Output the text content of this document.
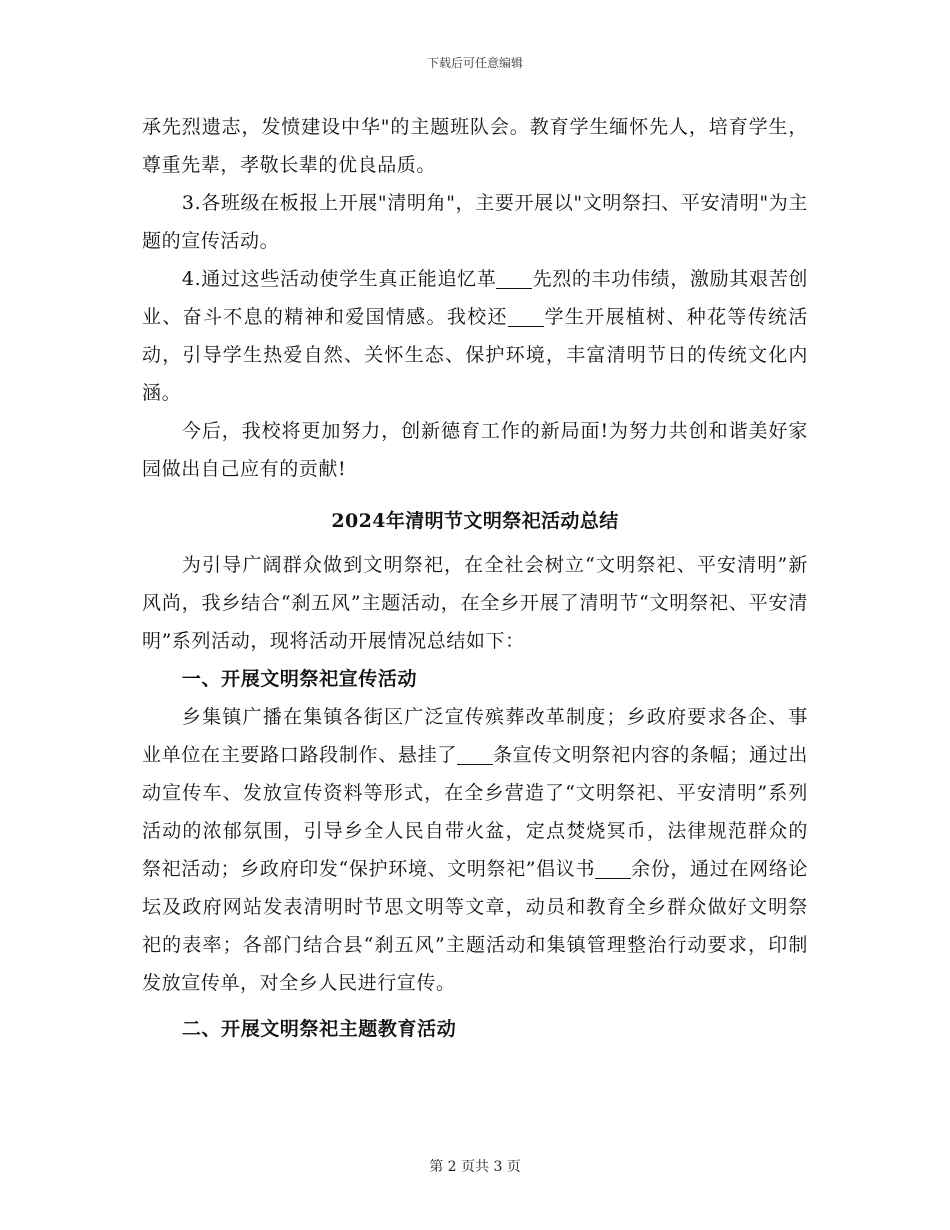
下载后可任意编辑

承先烈遗志，发愤建设中华"的主题班队会。教育学生缅怀先人，培育学生，尊重先辈，孝敬长辈的优良品质。

3.各班级在板报上开展"清明角"，主要开展以"文明祭扫、平安清明"为主题的宣传活动。

4.通过这些活动使学生真正能追忆革 先烈的丰功伟绩，激励其艰苦创业、奋斗不息的精神和爱国情感。我校还 学生开展植树、种花等传统活动，引导学生热爱自然、关怀生态、保护环境，丰富清明节日的传统文化内涵。

今后，我校将更加努力，创新德育工作的新局面!为努力共创和谐美好家园做出自己应有的贡献!

2024年清明节文明祭祀活动总结

为引导广阔群众做到文明祭祀，在全社会树立“文明祭祀、平安清明”新风尚，我乡结合“刹五风”主题活动，在全乡开展了清明节“文明祭祀、平安清明”系列活动，现将活动开展情况总结如下：

一、开展文明祭祀宣传活动

乡集镇广播在集镇各街区广泛宣传殡葬改革制度；乡政府要求各企、事业单位在主要路口路段制作、悬挂了 条宣传文明祭祀内容的条幅；通过出动宣传车、发放宣传资料等形式，在全乡营造了“文明祭祀、平安清明”系列活动的浓郁氛围，引导乡全人民自带火盆，定点焚烧冥币，法律规范群众的祭祀活动；乡政府印发“保护环境、文明祭祀”倡议书 余份，通过在网络论坛及政府网站发表清明时节思文明等文章，动员和教育全乡群众做好文明祭祀的表率；各部门结合县“刹五风”主题活动和集镇管理整治行动要求，印制发放宣传单，对全乡人民进行宣传。

二、开展文明祭祀主题教育活动

第 2 页共 3 页
